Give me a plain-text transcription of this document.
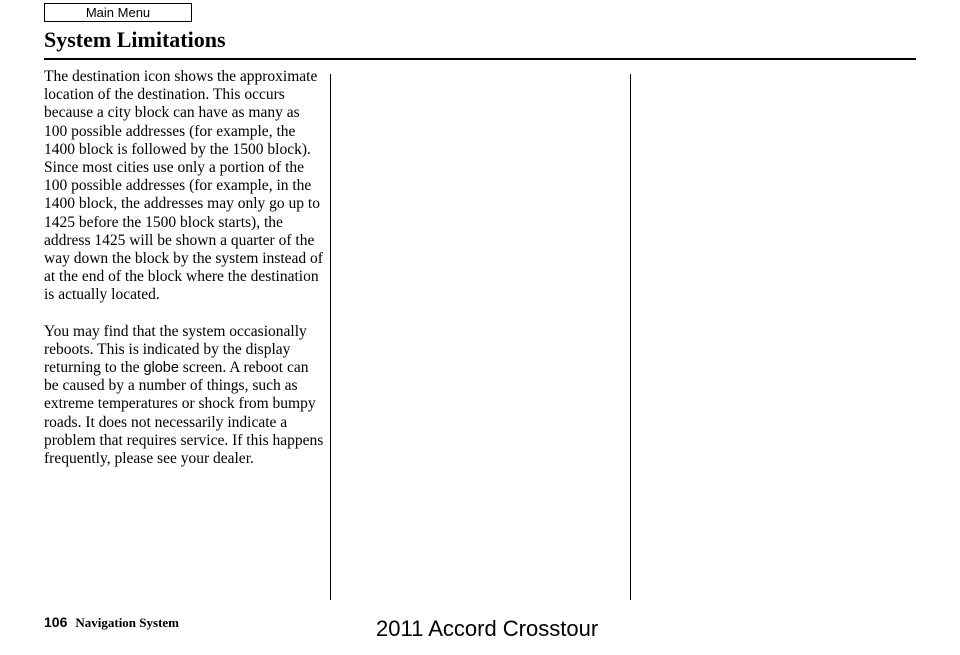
Main Menu
System Limitations

The destination icon shows the approximate location of the destination. This occurs because a city block can have as many as 100 possible addresses (for example, the 1400 block is followed by the 1500 block). Since most cities use only a portion of the 100 possible addresses (for example, in the 1400 block, the addresses may only go up to 1425 before the 1500 block starts), the address 1425 will be shown a quarter of the way down the block by the system instead of at the end of the block where the destination is actually located.

You may find that the system occasionally reboots. This is indicated by the display returning to the globe screen. A reboot can be caused by a number of things, such as extreme temperatures or shock from bumpy roads. It does not necessarily indicate a problem that requires service. If this happens frequently, please see your dealer.

106 Navigation System	2011 Accord Crosstour
